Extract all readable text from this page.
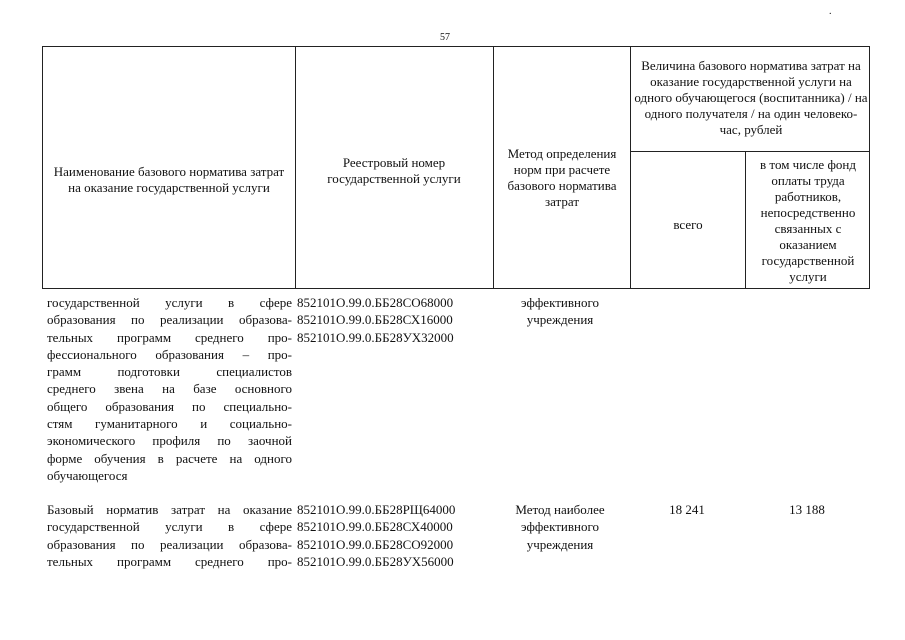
57
.
Наименование базового норматива затрат на оказание государственной услуги
Реестровый номер государственной услуги
Метод определения норм при расчете базового норматива затрат
Величина базового норматива затрат на оказание государственной услуги на одного обучающегося (воспитанника) / на одного получателя / на один человеко-час, рублей
всего
в том числе фонд оплаты труда работников, непосредственно связанных с оказанием государственной услуги
государственной услуги в сфере
образования по реализации образова-
тельных программ среднего про-
фессионального образования – про-
грамм подготовки специалистов
среднего звена на базе основного
общего образования по специально-
стям гуманитарного и социально-
экономического профиля по заочной
форме обучения в расчете на одного
обучающегося
852101О.99.0.ББ28СО68000
852101О.99.0.ББ28СХ16000
852101О.99.0.ББ28УХ32000
эффективного
учреждения
Базовый норматив затрат на оказание
государственной услуги в сфере
образования по реализации образова-
тельных программ среднего про-
852101О.99.0.ББ28РЩ64000
852101О.99.0.ББ28СХ40000
852101О.99.0.ББ28СО92000
852101О.99.0.ББ28УХ56000
Метод наиболее
эффективного
учреждения
18 241	13 188
